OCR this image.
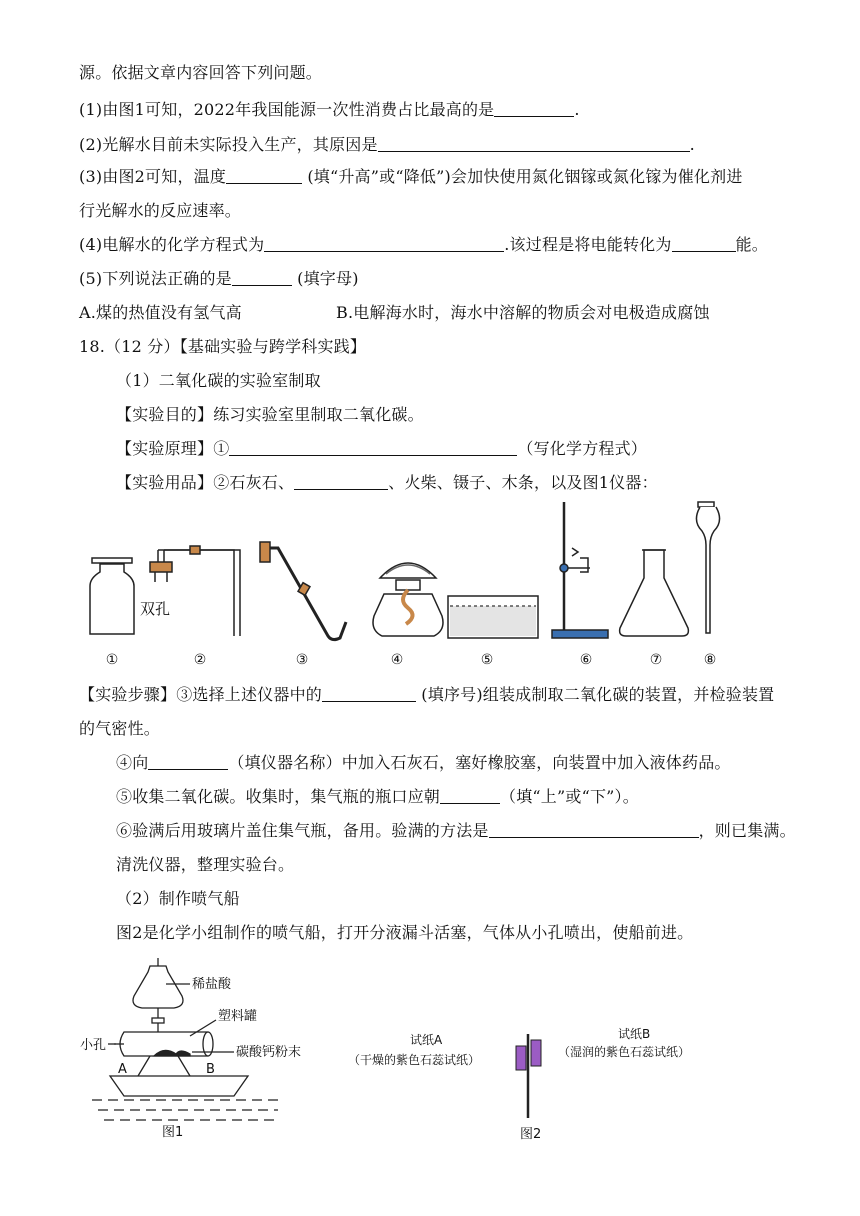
源。依据文章内容回答下列问题。
(1)由图1可知，2022年我国能源一次性消费占比最高的是	.
(2)光解水目前未实际投入生产，其原因是	.
(3)由图2可知，温度	(填“升高”或“降低”)会加快使用氮化铟镓或氮化镓为催化剂进
行光解水的反应速率。
(4)电解水的化学方程式为	.该过程是将电能转化为	能。
(5)下列说法正确的是	(填字母)
A.煤的热值没有氢气高	B.电解海水时，海水中溶解的物质会对电极造成腐蚀
18.（12 分）【基础实验与跨学科实践】
（1）二氧化碳的实验室制取
【实验目的】练习实验室里制取二氧化碳。
【实验原理】①	（写化学方程式）
【实验用品】②石灰石、	、火柴、镊子、木条，以及图1仪器：
双孔
①	②	③	④	⑤	⑥	⑦	⑧
【实验步骤】③选择上述仪器中的	(填序号)组装成制取二氧化碳的装置，并检验装置
的气密性。
④向	（填仪器名称）中加入石灰石，塞好橡胶塞，向装置中加入液体药品。
⑤收集二氧化碳。收集时，集气瓶的瓶口应朝	（填“上”或“下”）。
⑥验满后用玻璃片盖住集气瓶，备用。验满的方法是	，则已集满。
清洗仪器，整理实验台。
（2）制作喷气船
图2是化学小组制作的喷气船，打开分液漏斗活塞，气体从小孔喷出，使船前进。
稀盐酸
塑料罐
小孔	碳酸钙粉末
A	B
图1
试纸A
（干燥的紫色石蕊试纸）
试纸B
（湿润的紫色石蕊试纸）
图2
